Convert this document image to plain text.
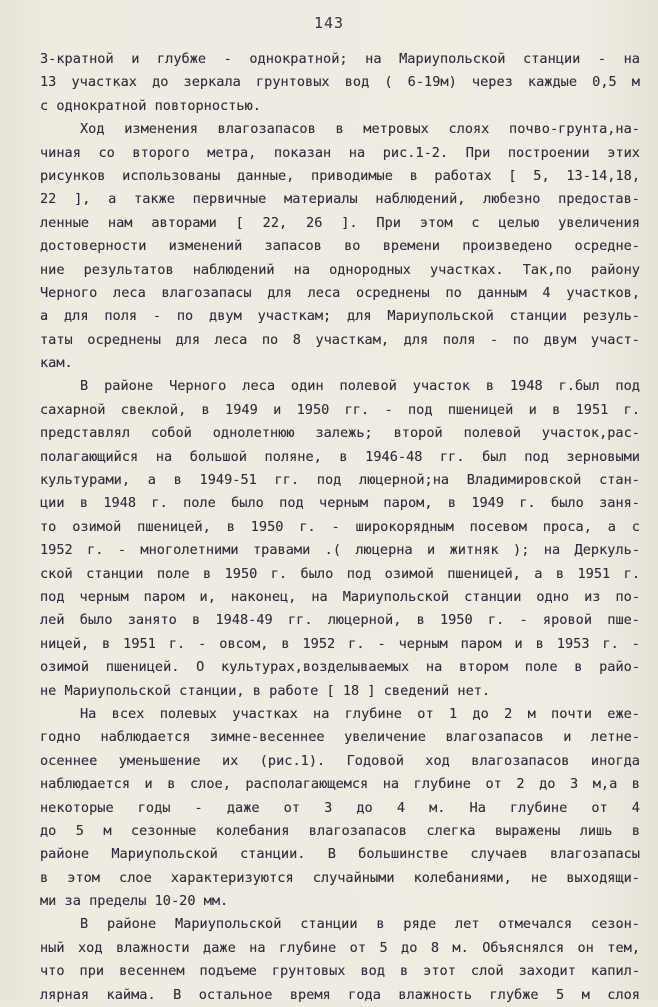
143
3-кратной и глубже - однократной; на Мариупольской станции - на
13 участках до зеркала грунтовых вод ( 6-19м) через каждые 0,5 м
с однократной повторностью.
Ход изменения влагозапасов в метровых слоях почво-грунта,на-
чиная со второго метра, показан на рис.1-2. При построении этих
рисунков использованы данные, приводимые в работах [ 5, 13-14,18,
22 ], а также первичные материалы наблюдений, любезно предостав-
ленные нам авторами [ 22, 26 ]. При этом с целью увеличения
достоверности изменений запасов во времени произведено осредне-
ние результатов наблюдений на однородных участках. Так,по району
Черного леса влагозапасы для леса осреднены по данным 4 участков,
а для поля - по двум участкам; для Мариупольской станции резуль-
таты осреднены для леса по 8 участкам, для поля - по двум участ-
кам.
В районе Черного леса один полевой участок в 1948 г.был под
сахарной свеклой, в 1949 и 1950 гг. - под пшеницей и в 1951 г.
представлял собой однолетнюю залежь; второй полевой участок,рас-
полагающийся на большой поляне, в 1946-48 гг. был под зерновыми
культурами, а в 1949-51 гг. под люцерной;на Владимировской стан-
ции в 1948 г. поле было под черным паром, в 1949 г. было заня-
то озимой пшеницей, в 1950 г. - широкорядным посевом проса, а с
1952 г. - многолетними травами .( люцерна и житняк ); на Деркуль-
ской станции поле в 1950 г. было под озимой пшеницей, а в 1951 г.
под черным паром и, наконец, на Мариупольской станции одно из по-
лей было занято в 1948-49 гг. люцерной, в 1950 г. - яровой пше-
ницей, в 1951 г. - овсом, в 1952 г. - черным паром и в 1953 г. -
озимой пшеницей. О культурах,возделываемых на втором поле в райо-
не Мариупольской станции, в работе [ 18 ] сведений нет.
На всех полевых участках на глубине от 1 до 2 м почти еже-
годно наблюдается зимне-весеннее увеличение влагозапасов и летне-
осеннее уменьшение их (рис.1). Годовой ход влагозапасов иногда
наблюдается и в слое, располагающемся на глубине от 2 до 3 м,а в
некоторые годы - даже от 3 до 4 м. На глубине от 4
до 5 м сезонные колебания влагозапасов слегка выражены лишь в
районе Мариупольской станции. В большинстве случаев влагозапасы
в этом слое характеризуются случайными колебаниями, не выходящи-
ми за пределы 10-20 мм.
В районе Мариупольской станции в ряде лет отмечался сезон-
ный ход влажности даже на глубине от 5 до 8 м. Объяснялся он тем,
что при весеннем подъеме грунтовых вод в этот слой заходит капил-
лярная кайма. В остальное время года влажность глубже 5 м слоя
